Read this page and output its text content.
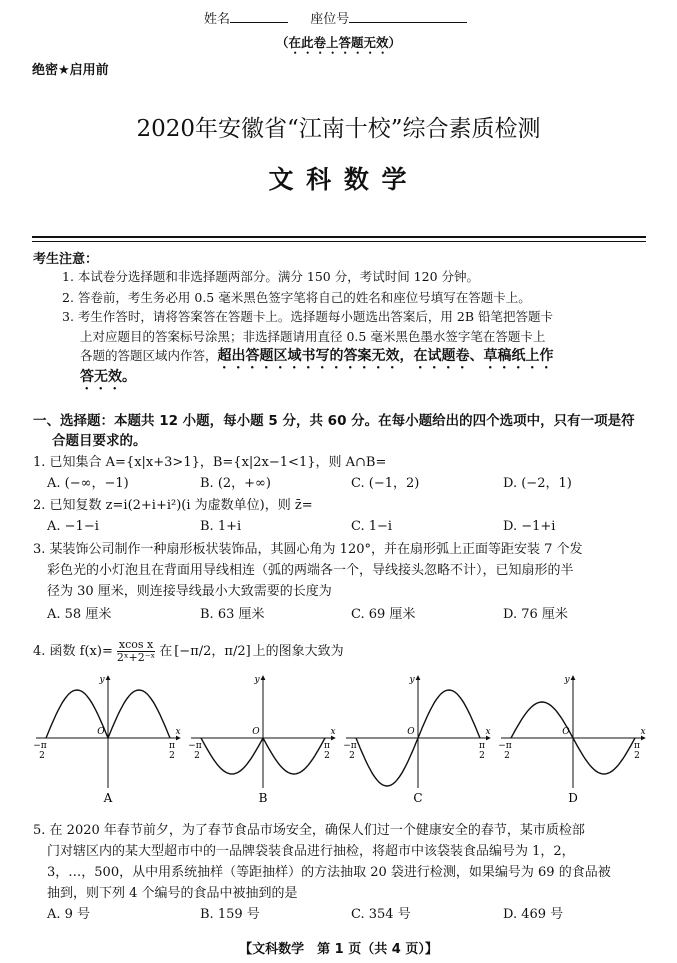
姓名	座位号
（在此卷上答题无效）
绝密★启用前
2020年安徽省“江南十校”综合素质检测
文 科 数 学
考生注意：
1. 本试卷分选择题和非选择题两部分。满分 150 分，考试时间 120 分钟。
2. 答卷前，考生务必用 0.5 毫米黑色签字笔将自己的姓名和座位号填写在答题卡上。
3. 考生作答时，请将答案答在答题卡上。选择题每小题选出答案后，用 2B 铅笔把答题卡
上对应题目的答案标号涂黑；非选择题请用直径 0.5 毫米黑色墨水签字笔在答题卡上
各题的答题区域内作答，超出答题区域书写的答案无效，在试题卷、草稿纸上作
答无效。
一、选择题：本题共 12 小题，每小题 5 分，共 60 分。在每小题给出的四个选项中，只有一项是符
合题目要求的。
1. 已知集合 A={x|x+3>1}，B={x|2x−1<1}，则 A∩B=
A. (−∞，−1)	B. (2，+∞)	C. (−1，2)	D. (−2，1)
2. 已知复数 z=i(2+i+i²)(i 为虚数单位)，则 z̄=
A. −1−i	B. 1+i	C. 1−i	D. −1+i
3. 某装饰公司制作一种扇形板状装饰品，其圆心角为 120°，并在扇形弧上正面等距安装 7 个发
彩色光的小灯泡且在背面用导线相连（弧的两端各一个，导线接头忽略不计），已知扇形的半
径为 30 厘米，则连接导线最小大致需要的长度为
A. 58 厘米	B. 63 厘米	C. 69 厘米	D. 76 厘米
4. 函数 $f(x)= \frac{\text{xcos x}}{\text{2ˣ+2⁻ˣ}}$ 在 [−π/2，π/2] 上的图象大致为
O
y
x
−π
2
π
2
A
O
y
x
−π
2
π
2
B
O
y
x
−π
2
π
2
C
O
y
x
−π
2
π
2
D
5. 在 2020 年春节前夕，为了春节食品市场安全，确保人们过一个健康安全的春节，某市质检部
门对辖区内的某大型超市中的一品牌袋装食品进行抽检，将超市中该袋装食品编号为 1，2，
3，…，500，从中用系统抽样（等距抽样）的方法抽取 20 袋进行检测，如果编号为 69 的食品被
抽到，则下列 4 个编号的食品中被抽到的是
A. 9 号	B. 159 号	C. 354 号	D. 469 号
【文科数学　第 1 页（共 4 页）】
